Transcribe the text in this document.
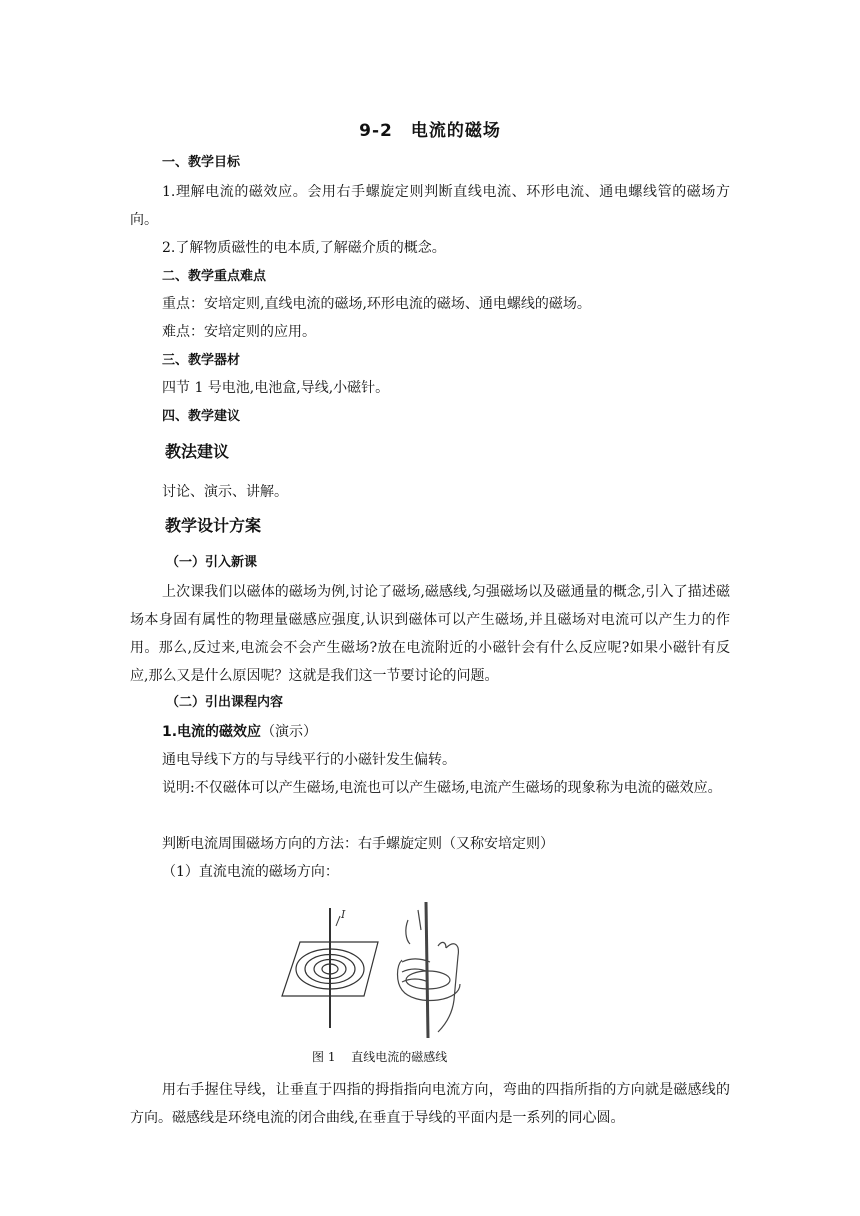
9-2　电流的磁场
一、教学目标
1.理解电流的磁效应。会用右手螺旋定则判断直线电流、环形电流、通电螺线管的磁场方向。
2.了解物质磁性的电本质,了解磁介质的概念。
二、教学重点难点
重点：安培定则,直线电流的磁场,环形电流的磁场、通电螺线的磁场。
难点：安培定则的应用。
三、教学器材
四节 1 号电池,电池盒,导线,小磁针。
四、教学建议
教法建议
讨论、演示、讲解。
教学设计方案
（一）引入新课
上次课我们以磁体的磁场为例,讨论了磁场,磁感线,匀强磁场以及磁通量的概念,引入了描述磁场本身固有属性的物理量磁感应强度,认识到磁体可以产生磁场,并且磁场对电流可以产生力的作用。那么,反过来,电流会不会产生磁场?放在电流附近的小磁针会有什么反应呢?如果小磁针有反应,那么又是什么原因呢？这就是我们这一节要讨论的问题。
（二）引出课程内容
1.电流的磁效应（演示）
通电导线下方的与导线平行的小磁针发生偏转。
说明:不仅磁体可以产生磁场,电流也可以产生磁场,电流产生磁场的现象称为电流的磁效应。
判断电流周围磁场方向的方法：右手螺旋定则（又称安培定则）
（1）直流电流的磁场方向：
I
图 1　 直线电流的磁感线
用右手握住导线，让垂直于四指的拇指指向电流方向，弯曲的四指所指的方向就是磁感线的方向。磁感线是环绕电流的闭合曲线,在垂直于导线的平面内是一系列的同心圆。
